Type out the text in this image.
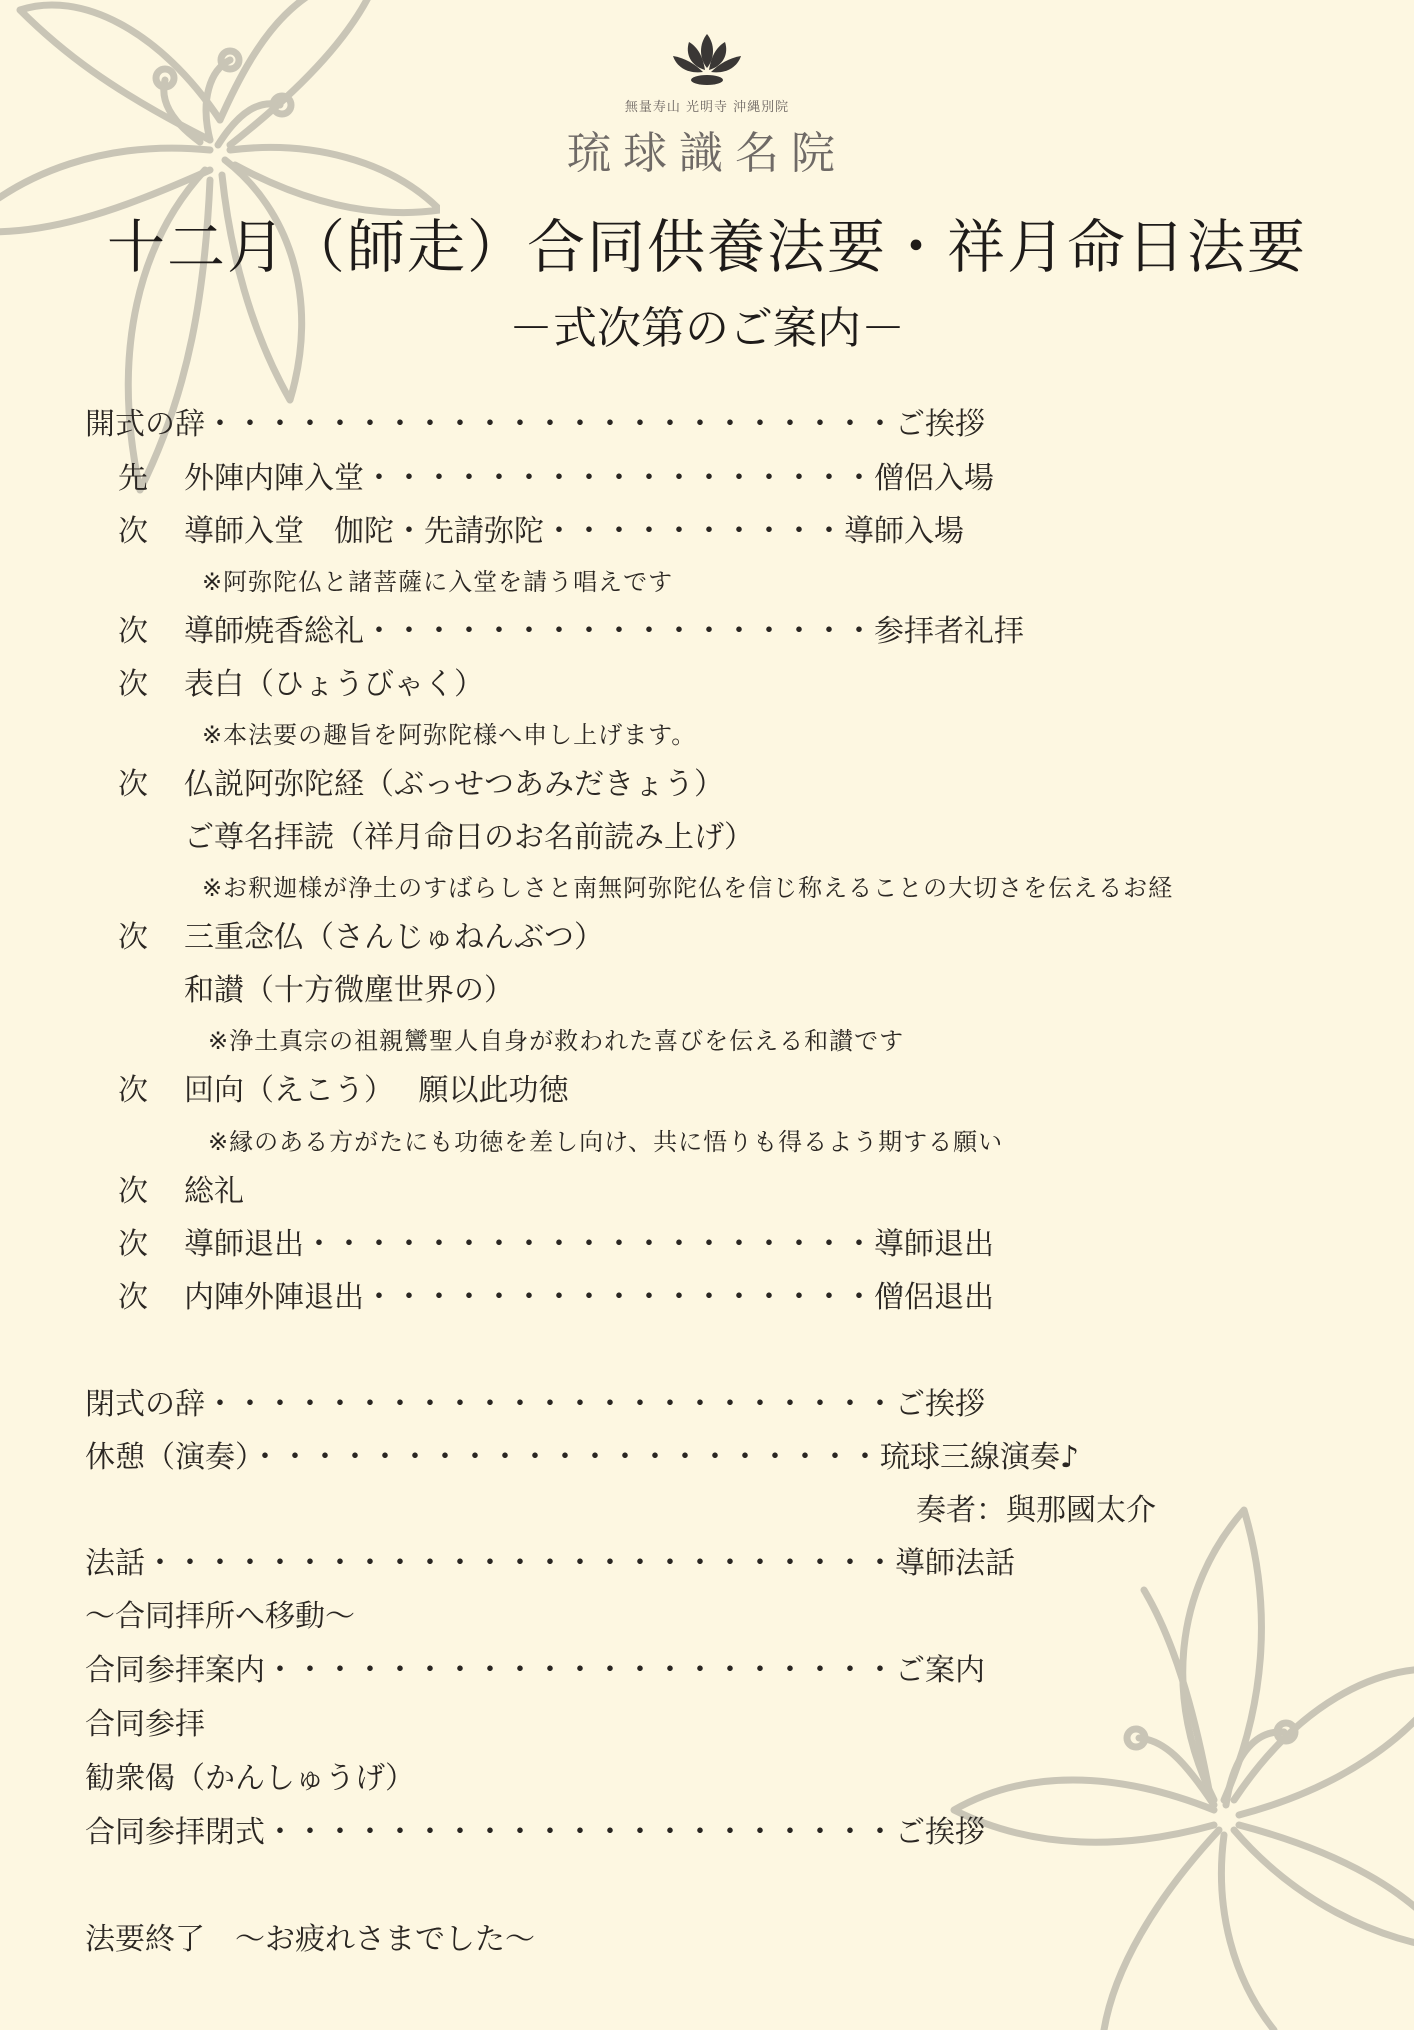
無量寿山 光明寺 沖縄別院
琉球識名院
十二月（師走）合同供養法要・祥月命日法要
－式次第のご案内－
開式の辞・・・・・・・・・・・・・・・・・・・・・・・ご挨拶
先 外陣内陣入堂・・・・・・・・・・・・・・・・・僧侶入場
次 導師入堂　伽陀・先請弥陀・・・・・・・・・・導師入場
※阿弥陀仏と諸菩薩に入堂を請う唱えです
次 導師焼香総礼・・・・・・・・・・・・・・・・・参拝者礼拝
次 表白（ひょうびゃく）
※本法要の趣旨を阿弥陀様へ申し上げます。
次 仏説阿弥陀経（ぶっせつあみだきょう）
ご尊名拝読（祥月命日のお名前読み上げ）
※お釈迦様が浄土のすばらしさと南無阿弥陀仏を信じ称えることの大切さを伝えるお経
次 三重念仏（さんじゅねんぶつ）
和讃（十方微塵世界の）
※浄土真宗の祖親鸞聖人自身が救われた喜びを伝える和讃です
次 回向（えこう）　 願以此功徳
※縁のある方がたにも功徳を差し向け、共に悟りも得るよう期する願い
次 総礼
次 導師退出・・・・・・・・・・・・・・・・・・・導師退出
次 内陣外陣退出・・・・・・・・・・・・・・・・・僧侶退出
閉式の辞・・・・・・・・・・・・・・・・・・・・・・・ご挨拶
休憩（演奏）・・・・・・・・・・・・・・・・・・・・・琉球三線演奏♪
奏者：與那國太介
法話・・・・・・・・・・・・・・・・・・・・・・・・・導師法話
～合同拝所へ移動～
合同参拝案内・・・・・・・・・・・・・・・・・・・・・ご案内
合同参拝
勧衆偈（かんしゅうげ）
合同参拝閉式・・・・・・・・・・・・・・・・・・・・・ご挨拶
法要終了　～お疲れさまでした～
